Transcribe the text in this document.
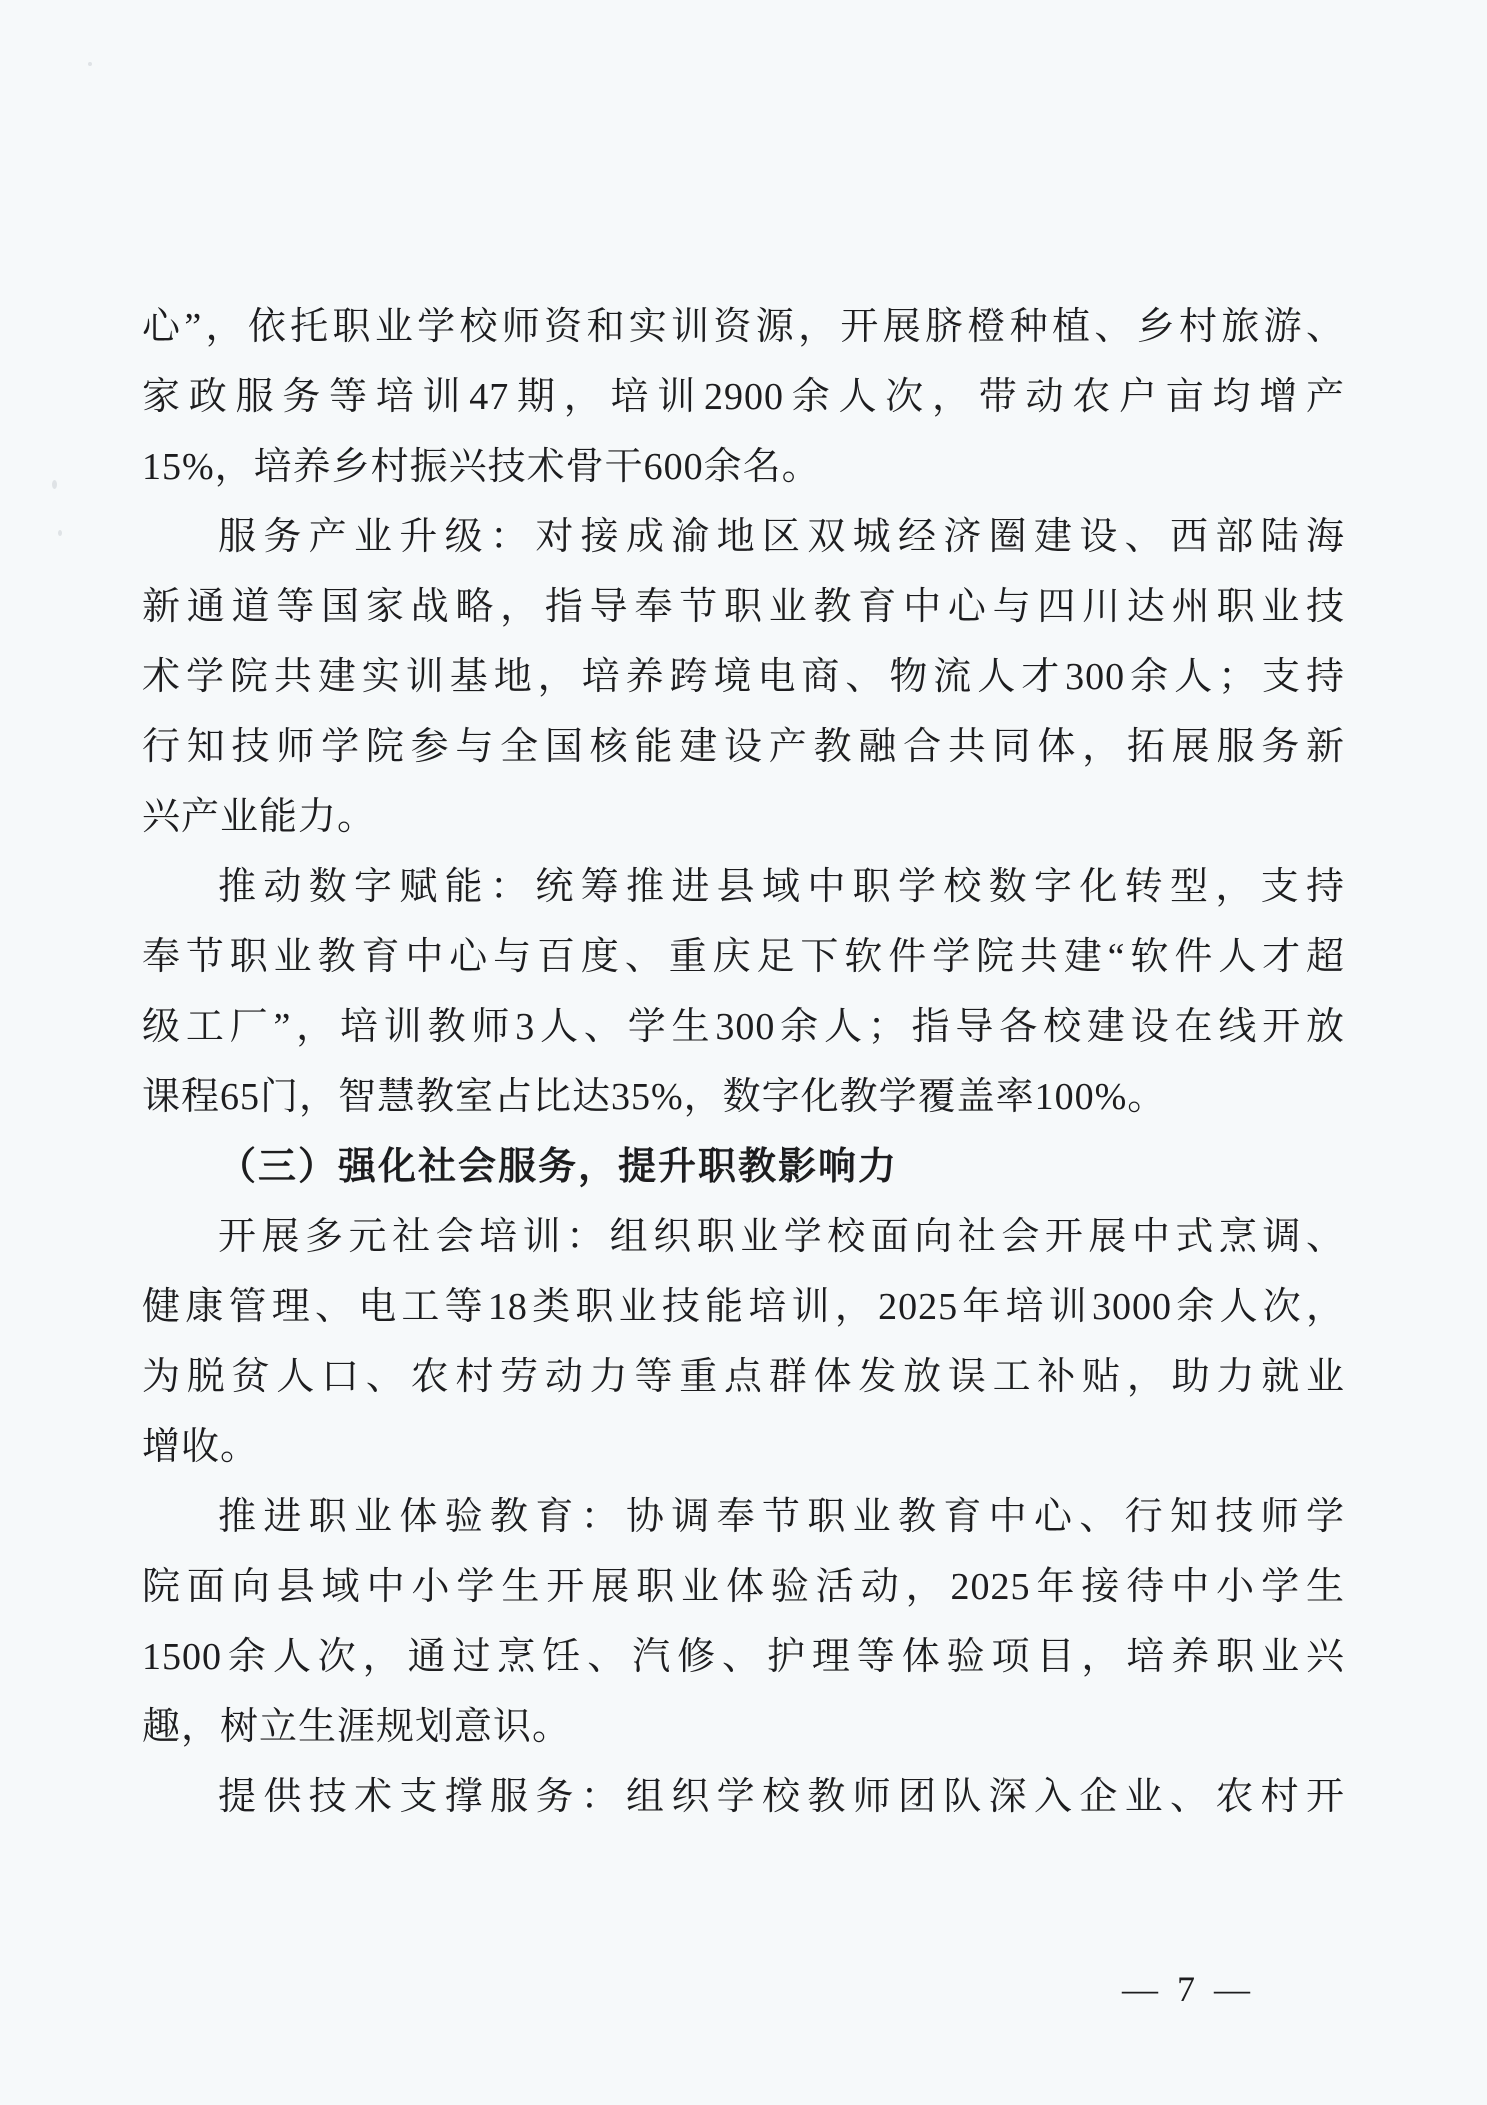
心”，依托职业学校师资和实训资源，开展脐橙种植、乡村旅游、
家政服务等培训47期，培训2900余人次，带动农户亩均增产
15%，培养乡村振兴技术骨干600余名。
服务产业升级：对接成渝地区双城经济圈建设、西部陆海
新通道等国家战略，指导奉节职业教育中心与四川达州职业技
术学院共建实训基地，培养跨境电商、物流人才300余人；支持
行知技师学院参与全国核能建设产教融合共同体，拓展服务新
兴产业能力。
推动数字赋能：统筹推进县域中职学校数字化转型，支持
奉节职业教育中心与百度、重庆足下软件学院共建“软件人才超
级工厂”，培训教师3人、学生300余人；指导各校建设在线开放
课程65门，智慧教室占比达35%，数字化教学覆盖率100%。
（三）强化社会服务，提升职教影响力
开展多元社会培训：组织职业学校面向社会开展中式烹调、
健康管理、电工等18类职业技能培训，2025年培训3000余人次，
为脱贫人口、农村劳动力等重点群体发放误工补贴，助力就业
增收。
推进职业体验教育：协调奉节职业教育中心、行知技师学
院面向县域中小学生开展职业体验活动，2025年接待中小学生
1500余人次，通过烹饪、汽修、护理等体验项目，培养职业兴
趣，树立生涯规划意识。
提供技术支撑服务：组织学校教师团队深入企业、农村开
— 7 —
